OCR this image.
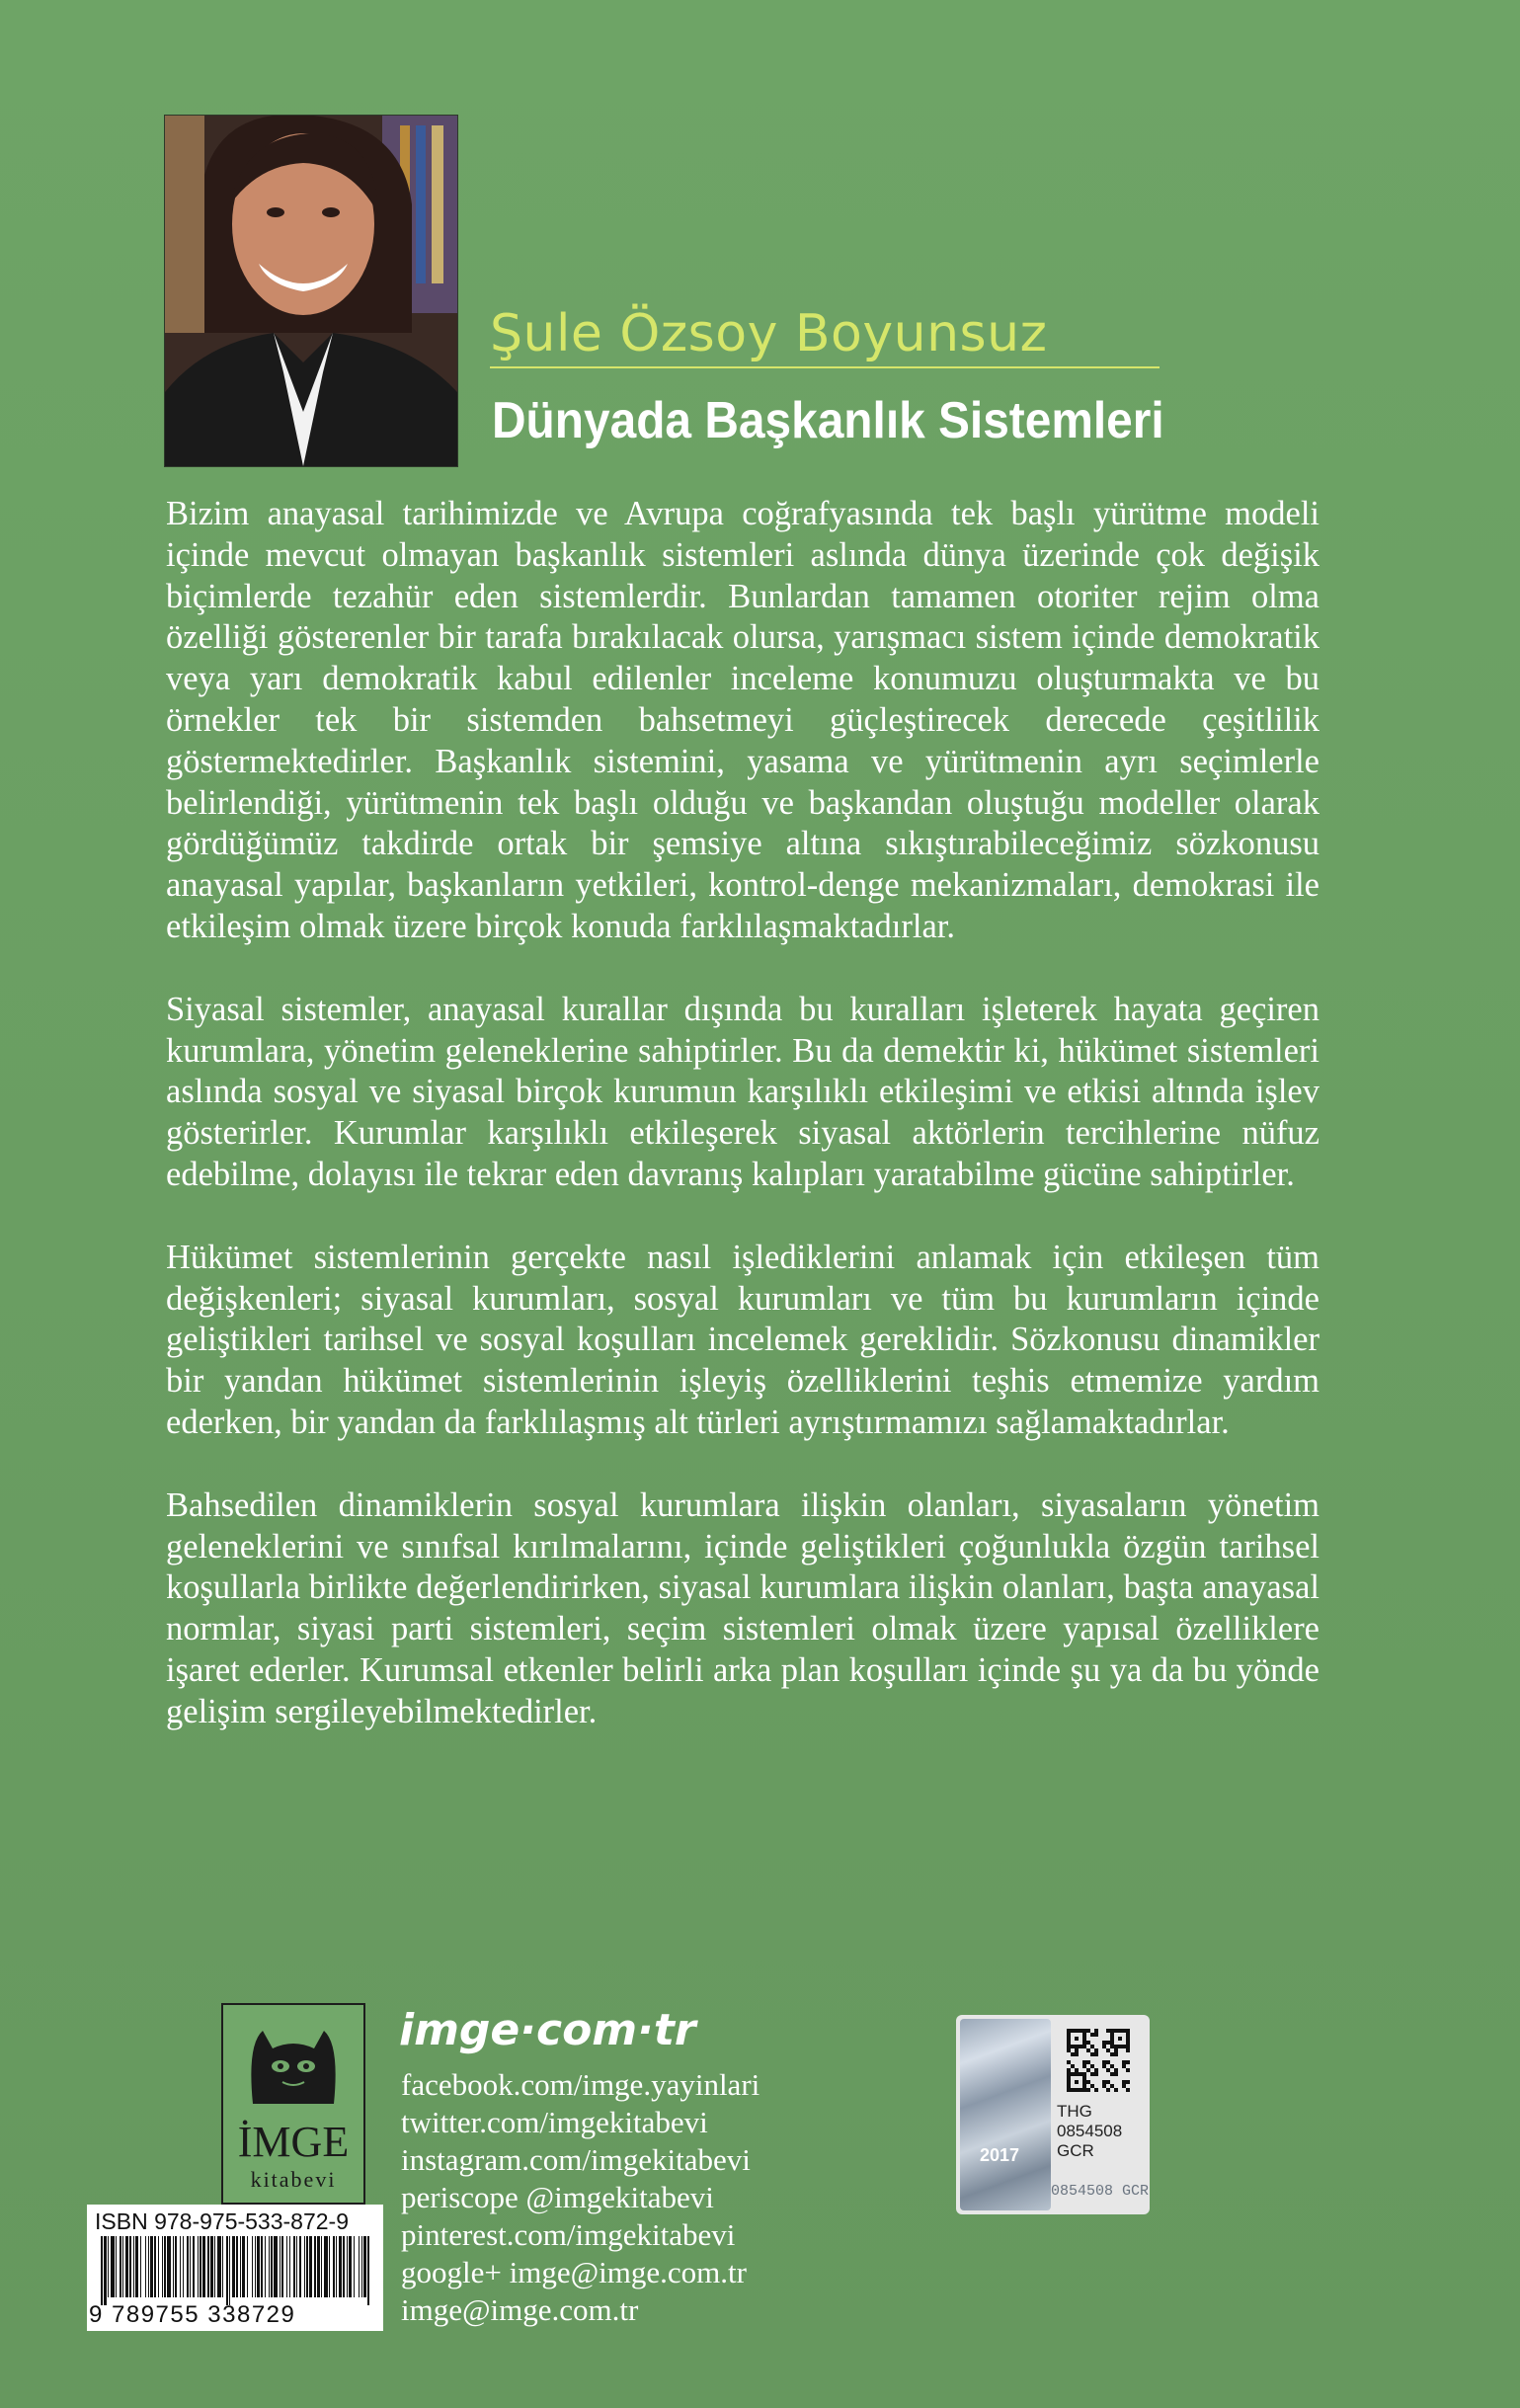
Şule Özsoy Boyunsuz
Dünyada Başkanlık Sistemleri

Bizim anayasal tarihimizde ve Avrupa coğrafyasında tek başlı yürütme modeli içinde mevcut olmayan başkanlık sistemleri aslında dünya üzerinde çok değişik biçimlerde tezahür eden sistemlerdir. Bunlardan tamamen otoriter rejim olma özelliği gösterenler bir tarafa bırakılacak olursa, yarışmacı sistem içinde demokratik veya yarı demokratik kabul edilenler inceleme konumuzu oluşturmakta ve bu örnekler tek bir sistemden bahsetmeyi güçleştirecek derecede çeşitlilik göstermektedirler. Başkanlık sistemini, yasama ve yürütmenin ayrı seçimlerle belirlendiği, yürütmenin tek başlı olduğu ve başkandan oluştuğu modeller olarak gördüğümüz takdirde ortak bir şemsiye altına sıkıştırabileceğimiz sözkonusu anayasal yapılar, başkanların yetkileri, kontrol-denge mekanizmaları, demokrasi ile etkileşim olmak üzere birçok konuda farklılaşmaktadırlar.

Siyasal sistemler, anayasal kurallar dışında bu kuralları işleterek hayata geçiren kurumlara, yönetim geleneklerine sahiptirler. Bu da demektir ki, hükümet sistemleri aslında sosyal ve siyasal birçok kurumun karşılıklı etkileşimi ve etkisi altında işlev gösterirler. Kurumlar karşılıklı etkileşerek siyasal aktörlerin tercihlerine nüfuz edebilme, dolayısı ile tekrar eden davranış kalıpları yaratabilme gücüne sahiptirler.

Hükümet sistemlerinin gerçekte nasıl işlediklerini anlamak için etkileşen tüm değişkenleri; siyasal kurumları, sosyal kurumları ve tüm bu kurumların içinde geliştikleri tarihsel ve sosyal koşulları incelemek gereklidir. Sözkonusu dinamikler bir yandan hükümet sistemlerinin işleyiş özelliklerini teşhis etmemize yardım ederken, bir yandan da farklılaşmış alt türleri ayrıştırmamızı sağlamaktadırlar.

Bahsedilen dinamiklerin sosyal kurumlara ilişkin olanları, siyasaların yönetim geleneklerini ve sınıfsal kırılmalarını, içinde geliştikleri çoğunlukla özgün tarihsel koşullarla birlikte değerlendirirken, siyasal kurumlara ilişkin olanları, başta anayasal normlar, siyasi parti sistemleri, seçim sistemleri olmak üzere yapısal özelliklere işaret ederler. Kurumsal etkenler belirli arka plan koşulları içinde şu ya da bu yönde gelişim sergileyebilmektedirler.

İMGE
kitabevi
imge·com·tr
facebook.com/imge.yayinlari
twitter.com/imgekitabevi
instagram.com/imgekitabevi
periscope @imgekitabevi
pinterest.com/imgekitabevi
google+ imge@imge.com.tr
imge@imge.com.tr
ISBN 978-975-533-872-9
9 789755 338729
2017
THG
0854508
GCR
0854508 GCR
